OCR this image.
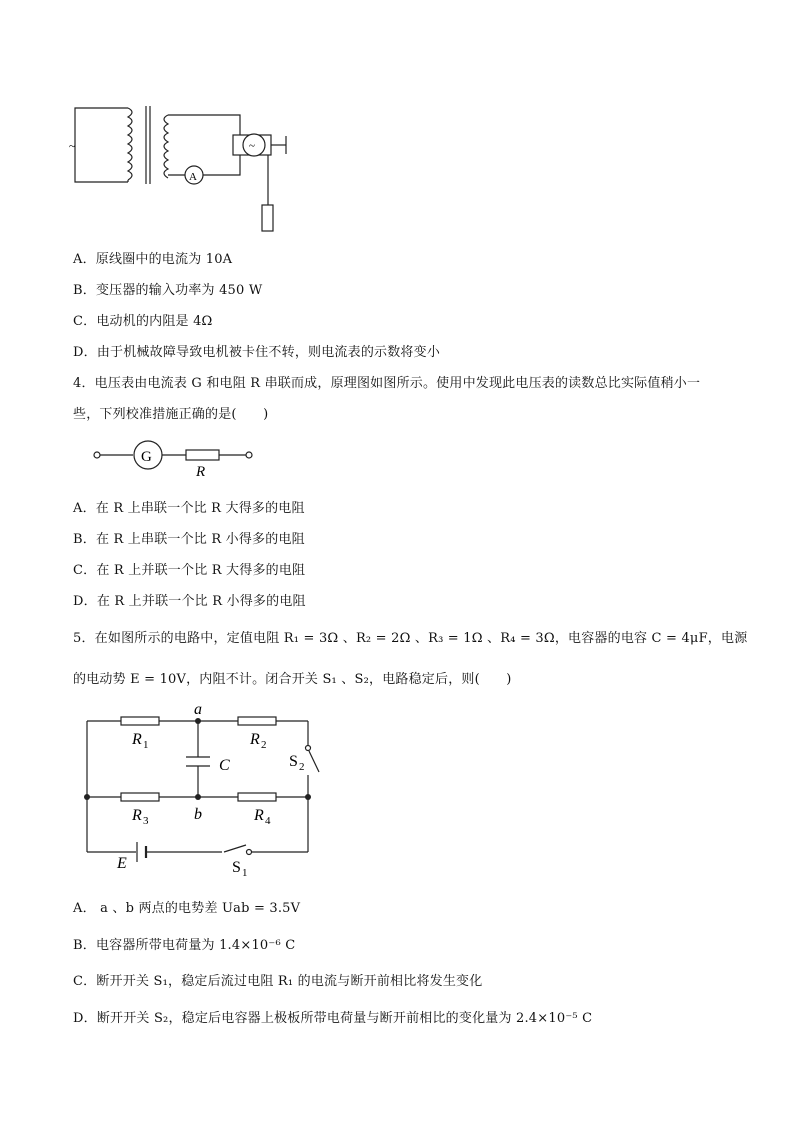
~	~
A
A．原线圈中的电流为 10A
B．变压器的输入功率为 450 W
C．电动机的内阻是 4Ω
D．由于机械故障导致电机被卡住不转，则电流表的示数将变小
4．电压表由电流表 G 和电阻 R 串联而成，原理图如图所示。使用中发现此电压表的读数总比实际值稍小一
些，下列校准措施正确的是(　　)
G
R
A．在 R 上串联一个比 R 大得多的电阻
B．在 R 上串联一个比 R 小得多的电阻
C．在 R 上并联一个比 R 大得多的电阻
D．在 R 上并联一个比 R 小得多的电阻
5．在如图所示的电路中，定值电阻 R₁ = 3Ω 、R₂ = 2Ω 、R₃ = 1Ω 、R₄ = 3Ω，电容器的电容 C = 4μF，电源
的电动势 E = 10V，内阻不计。闭合开关 S₁ 、S₂，电路稳定后，则(　　)
a
b
C
R 1	R 2
R 3	R 4
S 2
S 1
E
A． a 、b 两点的电势差 Uab = 3.5V
B．电容器所带电荷量为 1.4×10⁻⁶ C
C．断开开关 S₁，稳定后流过电阻 R₁ 的电流与断开前相比将发生变化
D．断开开关 S₂，稳定后电容器上极板所带电荷量与断开前相比的变化量为 2.4×10⁻⁵ C
